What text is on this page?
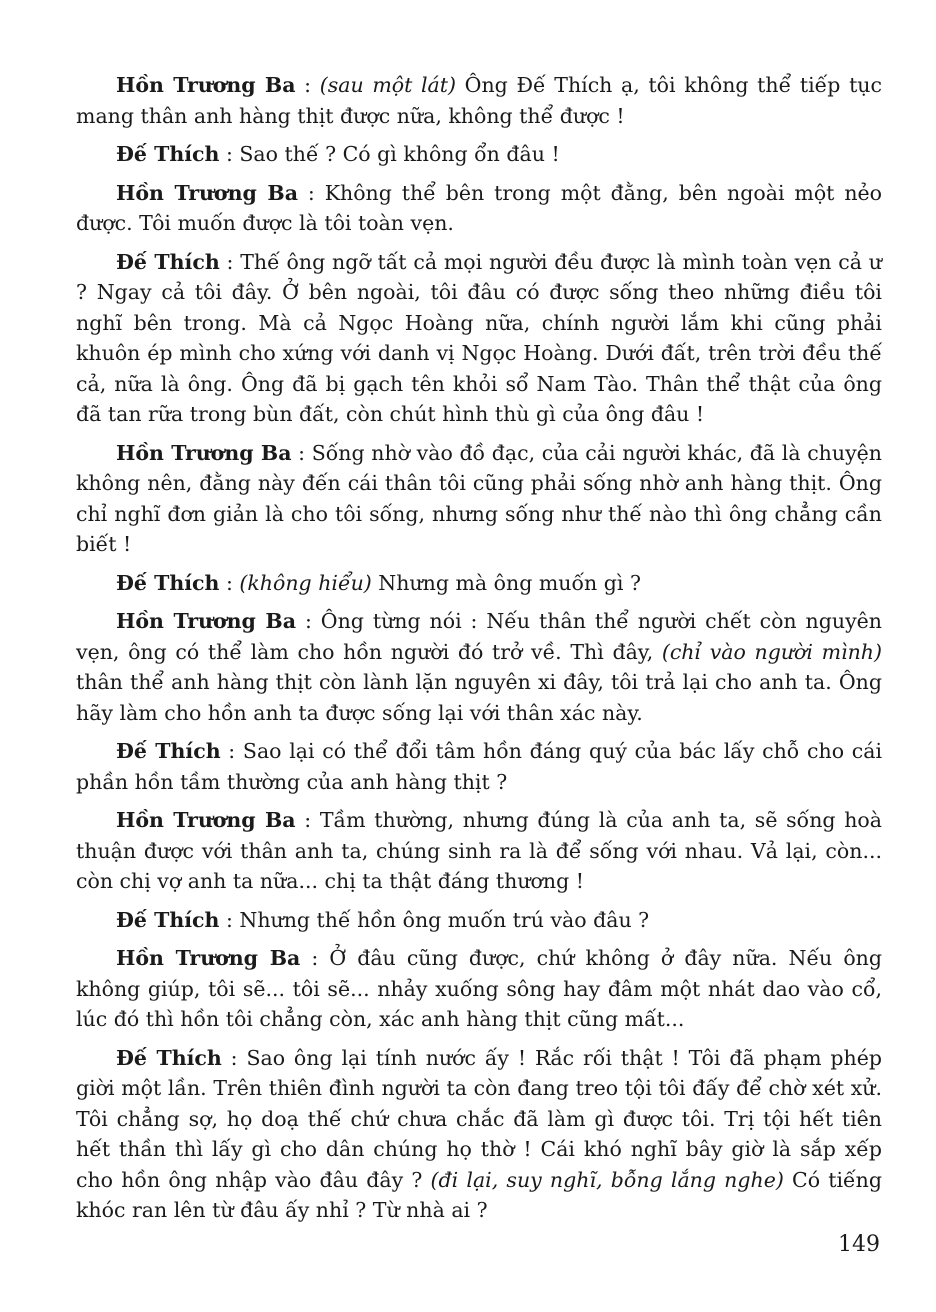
Hồn Trương Ba : (sau một lát) Ông Đế Thích ạ, tôi không thể tiếp tục mang thân anh hàng thịt được nữa, không thể được !

Đế Thích : Sao thế ? Có gì không ổn đâu !

Hồn Trương Ba : Không thể bên trong một đằng, bên ngoài một nẻo được. Tôi muốn được là tôi toàn vẹn.

Đế Thích : Thế ông ngỡ tất cả mọi người đều được là mình toàn vẹn cả ư ? Ngay cả tôi đây. Ở bên ngoài, tôi đâu có được sống theo những điều tôi nghĩ bên trong. Mà cả Ngọc Hoàng nữa, chính người lắm khi cũng phải khuôn ép mình cho xứng với danh vị Ngọc Hoàng. Dưới đất, trên trời đều thế cả, nữa là ông. Ông đã bị gạch tên khỏi sổ Nam Tào. Thân thể thật của ông đã tan rữa trong bùn đất, còn chút hình thù gì của ông đâu !

Hồn Trương Ba : Sống nhờ vào đồ đạc, của cải người khác, đã là chuyện không nên, đằng này đến cái thân tôi cũng phải sống nhờ anh hàng thịt. Ông chỉ nghĩ đơn giản là cho tôi sống, nhưng sống như thế nào thì ông chẳng cần biết !

Đế Thích : (không hiểu) Nhưng mà ông muốn gì ?

Hồn Trương Ba : Ông từng nói : Nếu thân thể người chết còn nguyên vẹn, ông có thể làm cho hồn người đó trở về. Thì đây, (chỉ vào người mình) thân thể anh hàng thịt còn lành lặn nguyên xi đây, tôi trả lại cho anh ta. Ông hãy làm cho hồn anh ta được sống lại với thân xác này.

Đế Thích : Sao lại có thể đổi tâm hồn đáng quý của bác lấy chỗ cho cái phần hồn tầm thường của anh hàng thịt ?

Hồn Trương Ba : Tầm thường, nhưng đúng là của anh ta, sẽ sống hoà thuận được với thân anh ta, chúng sinh ra là để sống với nhau. Vả lại, còn... còn chị vợ anh ta nữa... chị ta thật đáng thương !

Đế Thích : Nhưng thế hồn ông muốn trú vào đâu ?

Hồn Trương Ba : Ở đâu cũng được, chứ không ở đây nữa. Nếu ông không giúp, tôi sẽ... tôi sẽ... nhảy xuống sông hay đâm một nhát dao vào cổ, lúc đó thì hồn tôi chẳng còn, xác anh hàng thịt cũng mất...

Đế Thích : Sao ông lại tính nước ấy ! Rắc rối thật ! Tôi đã phạm phép giời một lần. Trên thiên đình người ta còn đang treo tội tôi đấy để chờ xét xử. Tôi chẳng sợ, họ doạ thế chứ chưa chắc đã làm gì được tôi. Trị tội hết tiên hết thần thì lấy gì cho dân chúng họ thờ ! Cái khó nghĩ bây giờ là sắp xếp cho hồn ông nhập vào đâu đây ? (đi lại, suy nghĩ, bỗng lắng nghe) Có tiếng khóc ran lên từ đâu ấy nhỉ ? Từ nhà ai ?

149
